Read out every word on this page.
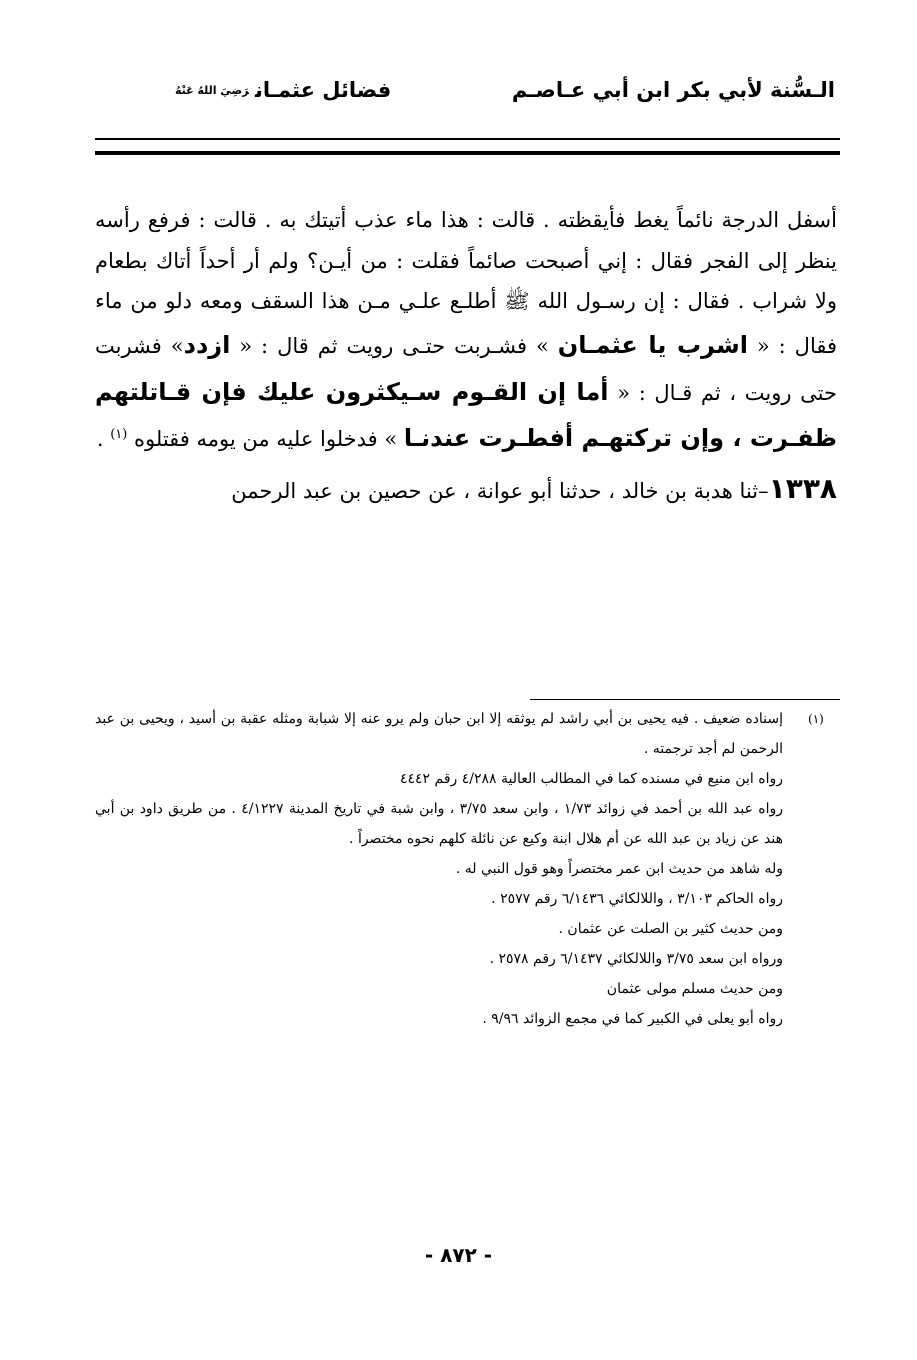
الـسُّنة لأبي بكر ابن أبي عـاصـم
فضائل عثمـانرَضِيَ اللهُ عَنْهُ

أسفل الدرجة نائماً يغط فأيقظته . قالت : هذا ماء عذب أتيتك به . قالت : فرفع رأسه ينظر إلى الفجر فقال : إني أصبحت صائماً فقلت : من أيـن؟ ولم أر أحداً أتاك بطعام ولا شراب . فقال : إن رسـول الله ﷺ أطلـع علـي مـن هذا السقف ومعه دلو من ماء فقال : « اشرب يا عثمـان » فشـربت حتـى رويت ثم قال : « ازدد» فشربت حتى رويت ، ثم قـال : « أما إن القـوم سـيكثرون عليك فإن قـاتلتهم ظفـرت ، وإن تركتهـم أفطـرت عندنـا » فدخلوا عليه من يومه فقتلوه $^{(١)}$ .

١٣٣٨–ثنا هدبة بن خالد ، حدثنا أبو عوانة ، عن حصين بن عبد الرحمن

(١)

إسناده ضعيف . فيه يحيى بن أبي راشد لم يوثقه إلا ابن حبان ولم يرو عنه إلا شبابة ومثله عقبة بن أسيد ، ويحيى بن عبد الرحمن لم أجد ترجمته .

رواه ابن منيع في مسنده كما في المطالب العالية ٤/٢٨٨ رقم ٤٤٤٢

رواه عبد الله بن أحمد في زوائد ١/٧٣ ، وابن سعد ٣/٧٥ ، وابن شبة في تاريخ المدينة ٤/١٢٢٧ . من طريق داود بن أبي هند عن زياد بن عبد الله عن أم هلال ابنة وكيع عن نائلة كلهم نحوه مختصراً .

وله شاهد من حديث ابن عمر مختصراً وهو قول النبي له .

رواه الحاكم ٣/١٠٣ ، واللالكائي ٦/١٤٣٦ رقم ٢٥٧٧ .

ومن حديث كثير بن الصلت عن عثمان .

ورواه ابن سعد ٣/٧٥ واللالكائي ٦/١٤٣٧ رقم ٢٥٧٨ .

ومن حديث مسلم مولى عثمان

رواه أبو يعلى في الكبير كما في مجمع الزوائد ٩/٩٦ .

- ٨٧٢ -
